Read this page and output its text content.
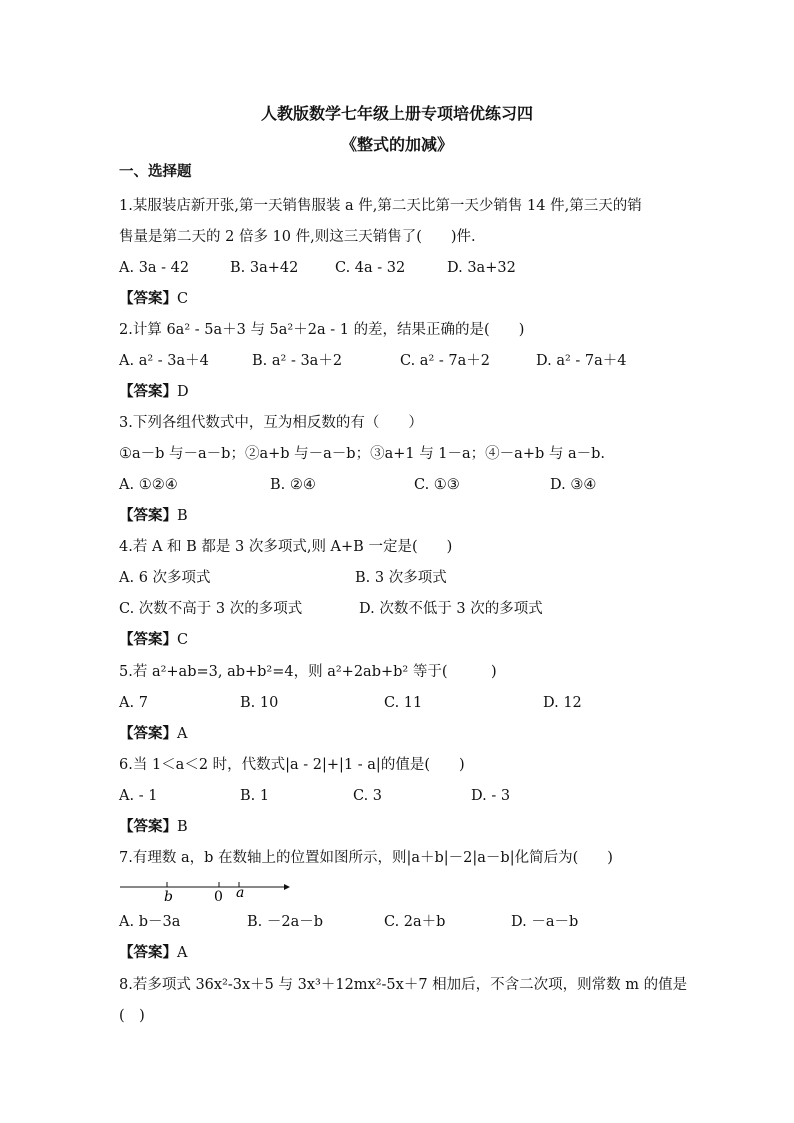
人教版数学七年级上册专项培优练习四
《整式的加减》
一、选择题
1.某服装店新开张,第一天销售服装 a 件,第二天比第一天少销售 14 件,第三天的销
售量是第二天的 2 倍多 10 件,则这三天销售了(　　)件.
A. 3a - 42	B. 3a+42	C. 4a - 32	D. 3a+32
【答案】C
2.计算 6a² - 5a＋3 与 5a²＋2a - 1 的差，结果正确的是(　　)
A. a² - 3a＋4	B. a² - 3a＋2	C. a² - 7a＋2	D. a² - 7a＋4
【答案】D
3.下列各组代数式中，互为相反数的有（　　）
①a－b 与－a－b；②a+b 与－a－b；③a+1 与 1－a；④－a+b 与 a－b.
A. ①②④	B. ②④	C. ①③	D. ③④
【答案】B
4.若 A 和 B 都是 3 次多项式,则 A+B 一定是(　　)
A. 6 次多项式	B. 3 次多项式
C. 次数不高于 3 次的多项式	D. 次数不低于 3 次的多项式
【答案】C
5.若 a²+ab=3, ab+b²=4，则 a²+2ab+b² 等于(　　　)
A. 7	B. 10	C. 11	D. 12
【答案】A
6.当 1＜a＜2 时，代数式|a - 2|+|1 - a|的值是(　　)
A. - 1	B. 1	C. 3	D. - 3
【答案】B
7.有理数 a，b 在数轴上的位置如图所示，则|a＋b|－2|a－b|化简后为(　　)
b	0 a
A. b－3a	B. －2a－b	C. 2a＋b	D. －a－b
【答案】A
8.若多项式 36x²-3x＋5 与 3x³＋12mx²-5x＋7 相加后，不含二次项，则常数 m 的值是
(　)
